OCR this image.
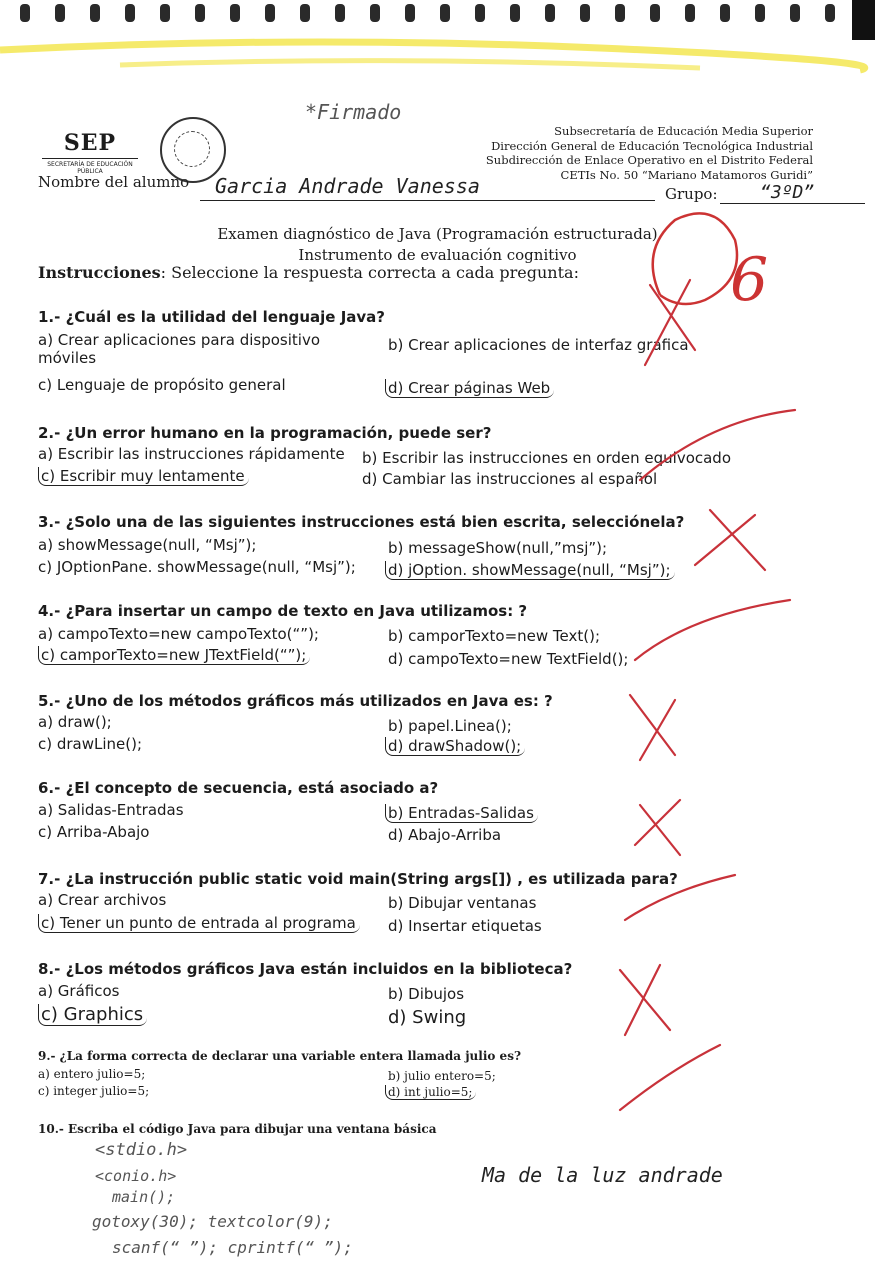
*Firmado
SEP
SECRETARÍA DE EDUCACIÓN PÚBLICA
Subsecretaría de Educación Media Superior
Dirección General de Educación Tecnológica Industrial
Subdirección de Enlace Operativo en el Distrito Federal
CETIs No. 50 “Mariano Matamoros Guridi”
Nombre del alumno Garcia Andrade Vanessa	Grupo: “3ºD”
Examen diagnóstico de Java (Programación estructurada)
Instrumento de evaluación cognitivo
Instrucciones: Seleccione la respuesta correcta a cada pregunta:	6
1.- ¿Cuál es la utilidad del lenguaje Java?
a) Crear aplicaciones para dispositivo móviles
b) Crear aplicaciones de interfaz grafica
c) Lenguaje de propósito general	d) Crear páginas Web
2.- ¿Un error humano en la programación, puede ser?
a) Escribir las instrucciones rápidamente b) Escribir las instrucciones en orden equivocado
c) Escribir muy lentamente	d) Cambiar las instrucciones al español
3.- ¿Solo una de las siguientes instrucciones está bien escrita, selecciónela?
a) showMessage(null, “Msj”);	b) messageShow(null,”msj”);
c) JOptionPane. showMessage(null, “Msj”); d) jOption. showMessage(null, “Msj”);
4.- ¿Para insertar un campo de texto en Java utilizamos: ?
a) campoTexto=new campoTexto(“”);	b) camporTexto=new Text();
c) camporTexto=new JTextField(“”);	d) campoTexto=new TextField();
5.- ¿Uno de los métodos gráficos más utilizados en Java es: ?
a) draw();	b) papel.Linea();
c) drawLine();	d) drawShadow();
6.- ¿El concepto de secuencia, está asociado a?
a) Salidas-Entradas	b) Entradas-Salidas
c) Arriba-Abajo	d) Abajo-Arriba
7.- ¿La instrucción public static void main(String args[]) , es utilizada para?
a) Crear archivos	b) Dibujar ventanas
c) Tener un punto de entrada al programa d) Insertar etiquetas
8.- ¿Los métodos gráficos Java están incluidos en la biblioteca?
a) Gráficos	b) Dibujos
c) Graphics	d) Swing
9.- ¿La forma correcta de declarar una variable entera llamada julio es?
a) entero julio=5;	b) julio entero=5;
c) integer julio=5;	d) int julio=5;
10.- Escriba el código Java para dibujar una ventana básica
<stdio.h>
<conio.h>
main();
gotoxy(30); textcolor(9);
scanf(“ ”); cprintf(“ ”);
Ma de la luz andrade
